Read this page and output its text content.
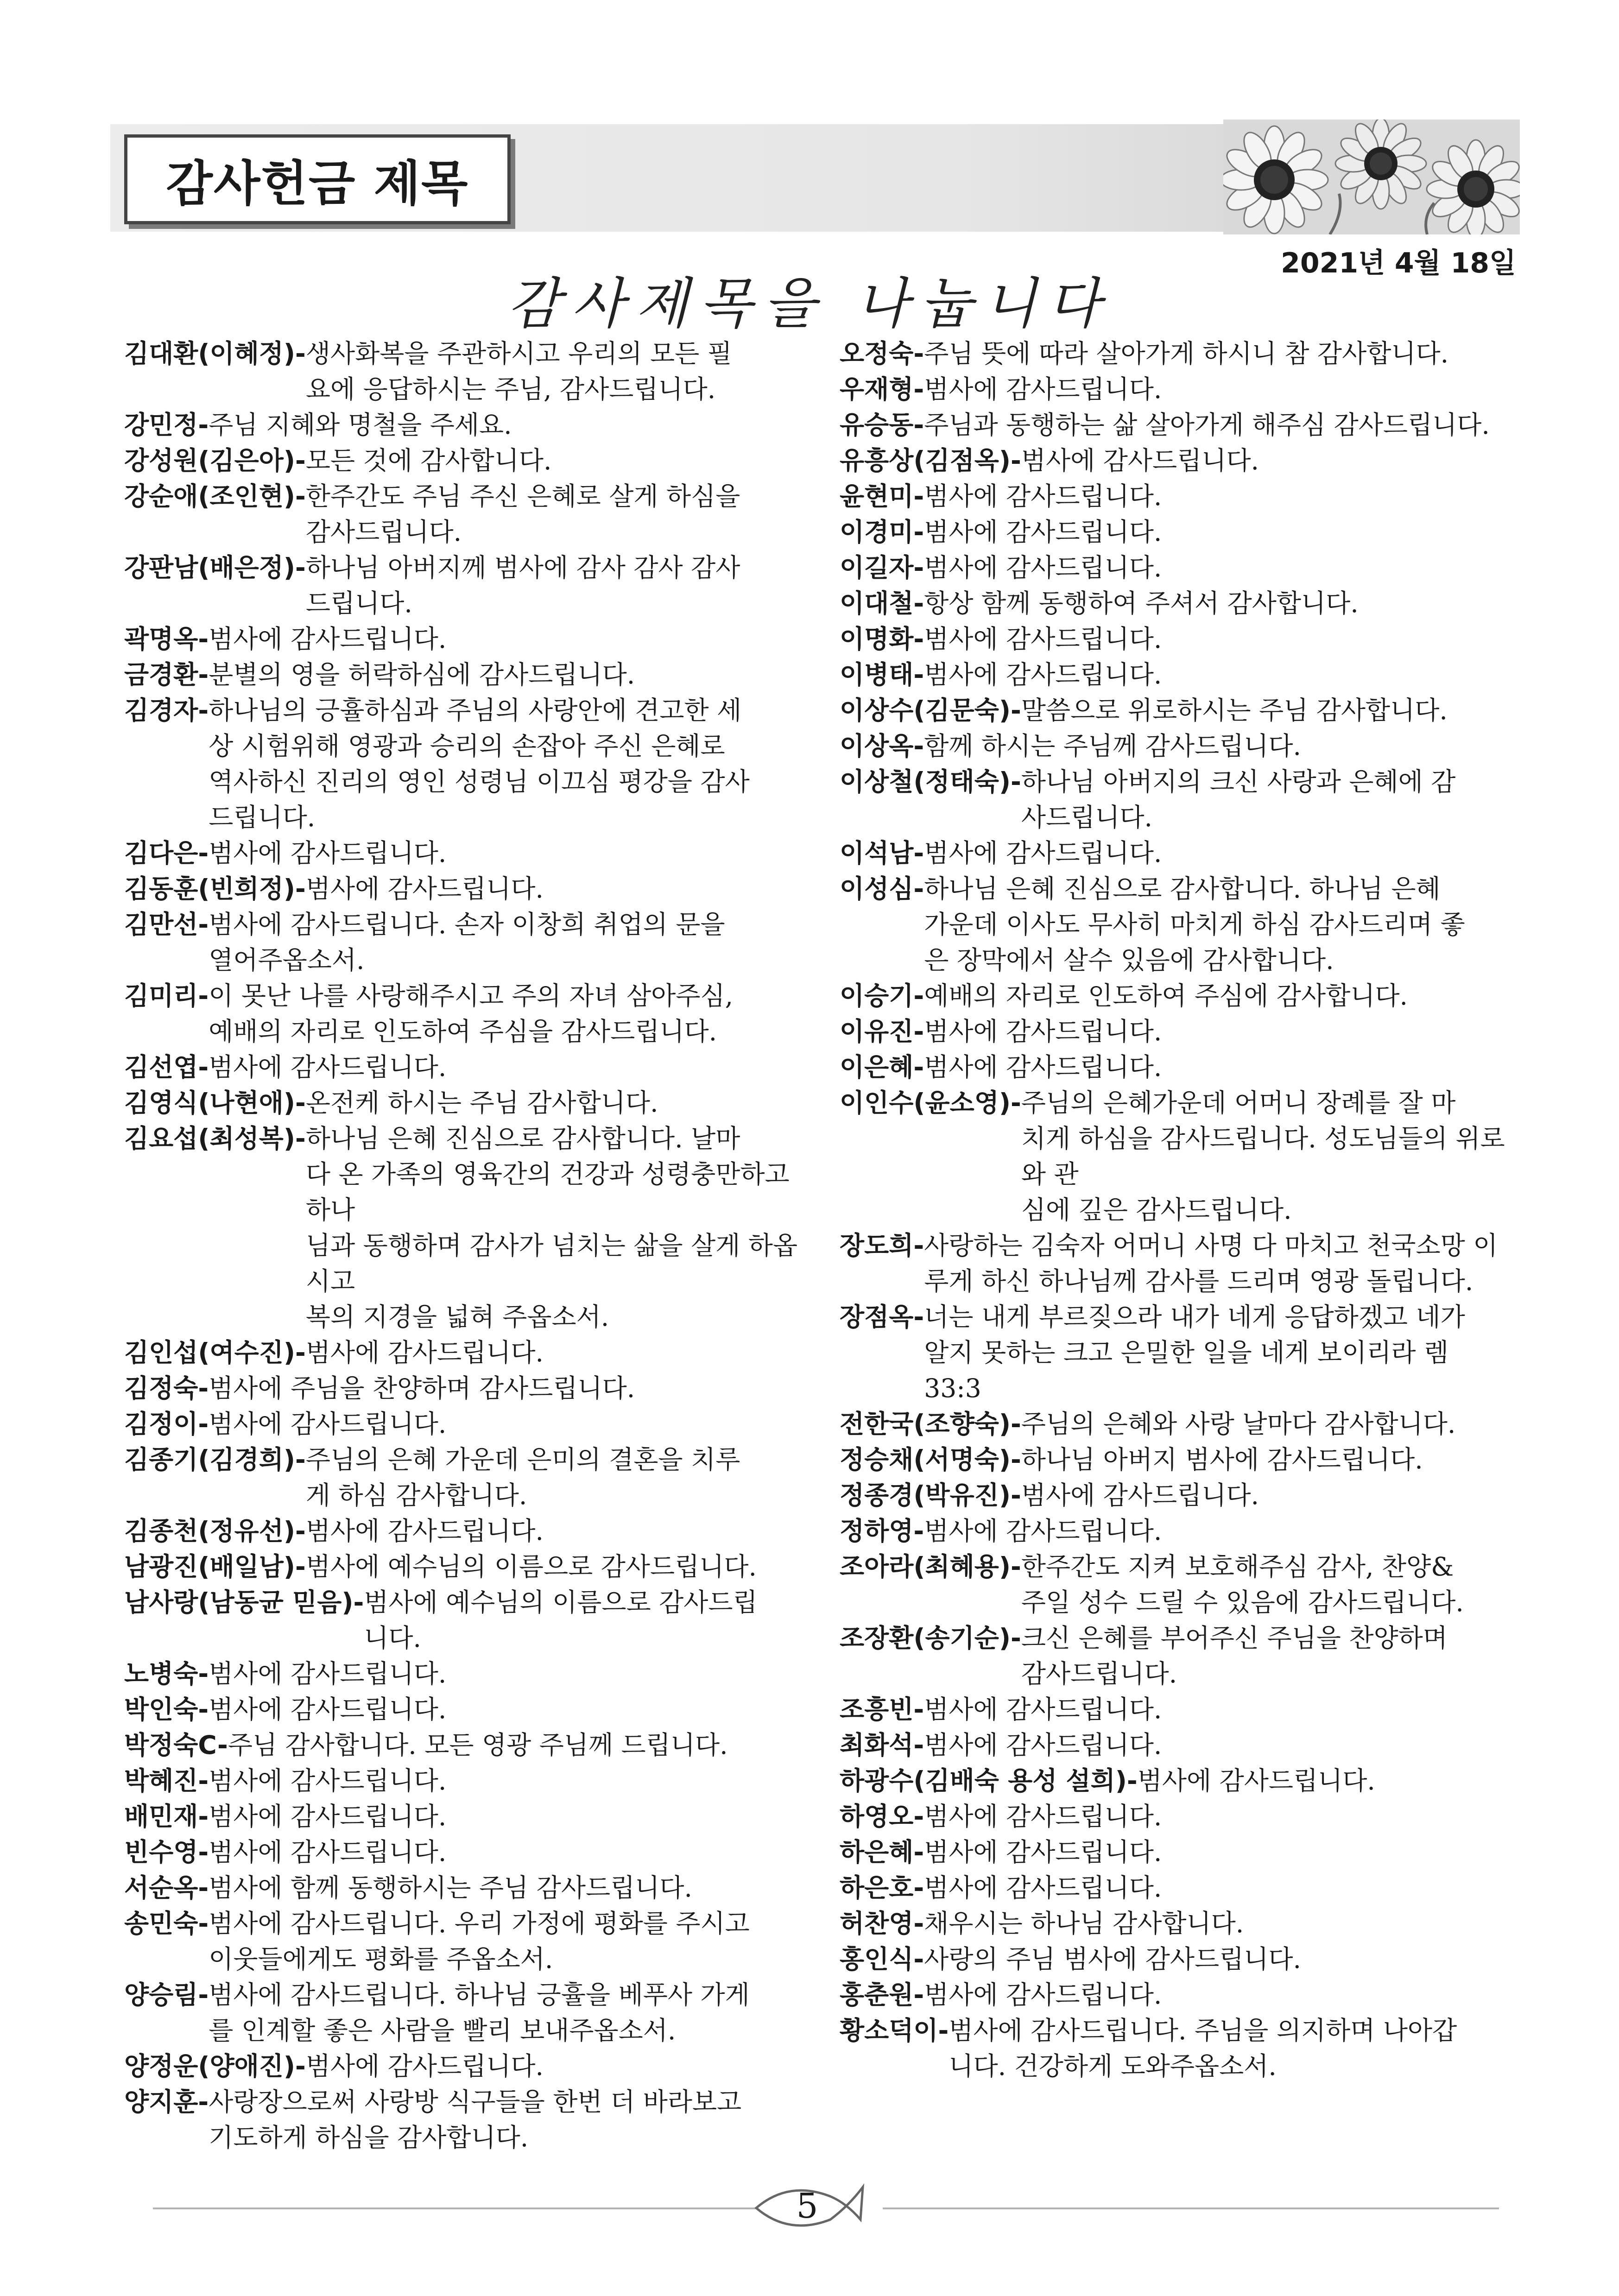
감사헌금 제목
2021년 4월 18일
감사제목을 나눕니다
김대환(이혜정)- 생사화복을 주관하시고 우리의 모든 필
요에 응답하시는 주님, 감사드립니다.
강민정- 주님 지혜와 명철을 주세요.
강성원(김은아)- 모든 것에 감사합니다.
강순애(조인현)- 한주간도 주님 주신 은혜로 살게 하심을
감사드립니다.
강판남(배은정)- 하나님 아버지께 범사에 감사 감사 감사
드립니다.
곽명옥- 범사에 감사드립니다.
금경환- 분별의 영을 허락하심에 감사드립니다.
김경자- 하나님의 긍휼하심과 주님의 사랑안에 견고한 세
상 시험위해 영광과 승리의 손잡아 주신 은혜로
역사하신 진리의 영인 성령님 이끄심 평강을 감사
드립니다.
김다은- 범사에 감사드립니다.
김동훈(빈희정)- 범사에 감사드립니다.
김만선- 범사에 감사드립니다. 손자 이창희 취업의 문을
열어주옵소서.
김미리- 이 못난 나를 사랑해주시고 주의 자녀 삼아주심,
예배의 자리로 인도하여 주심을 감사드립니다.
김선엽- 범사에 감사드립니다.
김영식(나현애)- 온전케 하시는 주님 감사합니다.
김요섭(최성복)- 하나님 은혜 진심으로 감사합니다. 날마
다 온 가족의 영육간의 건강과 성령충만하고 하나
님과 동행하며 감사가 넘치는 삶을 살게 하옵시고
복의 지경을 넓혀 주옵소서.
김인섭(여수진)- 범사에 감사드립니다.
김정숙- 범사에 주님을 찬양하며 감사드립니다.
김정이- 범사에 감사드립니다.
김종기(김경희)- 주님의 은혜 가운데 은미의 결혼을 치루
게 하심 감사합니다.
김종천(정유선)- 범사에 감사드립니다.
남광진(배일남)- 범사에 예수님의 이름으로 감사드립니다.
남사랑(남동균 믿음)- 범사에 예수님의 이름으로 감사드립
니다.
노병숙- 범사에 감사드립니다.
박인숙- 범사에 감사드립니다.
박정숙C- 주님 감사합니다. 모든 영광 주님께 드립니다.
박혜진- 범사에 감사드립니다.
배민재- 범사에 감사드립니다.
빈수영- 범사에 감사드립니다.
서순옥- 범사에 함께 동행하시는 주님 감사드립니다.
송민숙- 범사에 감사드립니다. 우리 가정에 평화를 주시고
이웃들에게도 평화를 주옵소서.
양승림- 범사에 감사드립니다. 하나님 긍휼을 베푸사 가게
를 인계할 좋은 사람을 빨리 보내주옵소서.
양정운(양애진)- 범사에 감사드립니다.
양지훈- 사랑장으로써 사랑방 식구들을 한번 더 바라보고
기도하게 하심을 감사합니다.
오정숙- 주님 뜻에 따라 살아가게 하시니 참 감사합니다.
우재형- 범사에 감사드립니다.
유승동- 주님과 동행하는 삶 살아가게 해주심 감사드립니다.
유흥상(김점옥)- 범사에 감사드립니다.
윤현미- 범사에 감사드립니다.
이경미- 범사에 감사드립니다.
이길자- 범사에 감사드립니다.
이대철- 항상 함께 동행하여 주셔서 감사합니다.
이명화- 범사에 감사드립니다.
이병태- 범사에 감사드립니다.
이상수(김문숙)- 말씀으로 위로하시는 주님 감사합니다.
이상옥- 함께 하시는 주님께 감사드립니다.
이상철(정태숙)- 하나님 아버지의 크신 사랑과 은혜에 감
사드립니다.
이석남- 범사에 감사드립니다.
이성심- 하나님 은혜 진심으로 감사합니다. 하나님 은혜
가운데 이사도 무사히 마치게 하심 감사드리며 좋
은 장막에서 살수 있음에 감사합니다.
이승기- 예배의 자리로 인도하여 주심에 감사합니다.
이유진- 범사에 감사드립니다.
이은혜- 범사에 감사드립니다.
이인수(윤소영)- 주님의 은혜가운데 어머니 장례를 잘 마
치게 하심을 감사드립니다. 성도님들의 위로와 관
심에 깊은 감사드립니다.
장도희- 사랑하는 김숙자 어머니 사명 다 마치고 천국소망 이
루게 하신 하나님께 감사를 드리며 영광 돌립니다.
장점옥- 너는 내게 부르짖으라 내가 네게 응답하겠고 네가
알지 못하는 크고 은밀한 일을 네게 보이리라 렘
33:3
전한국(조향숙)- 주님의 은혜와 사랑 날마다 감사합니다.
정승채(서명숙)- 하나님 아버지 범사에 감사드립니다.
정종경(박유진)- 범사에 감사드립니다.
정하영- 범사에 감사드립니다.
조아라(최혜용)- 한주간도 지켜 보호해주심 감사, 찬양&
주일 성수 드릴 수 있음에 감사드립니다.
조장환(송기순)- 크신 은혜를 부어주신 주님을 찬양하며
감사드립니다.
조흥빈- 범사에 감사드립니다.
최화석- 범사에 감사드립니다.
하광수(김배숙 용성 설희)- 범사에 감사드립니다.
하영오- 범사에 감사드립니다.
하은혜- 범사에 감사드립니다.
하은호- 범사에 감사드립니다.
허찬영- 채우시는 하나님 감사합니다.
홍인식- 사랑의 주님 범사에 감사드립니다.
홍춘원- 범사에 감사드립니다.
황소덕이- 범사에 감사드립니다. 주님을 의지하며 나아갑
니다. 건강하게 도와주옵소서.
5
